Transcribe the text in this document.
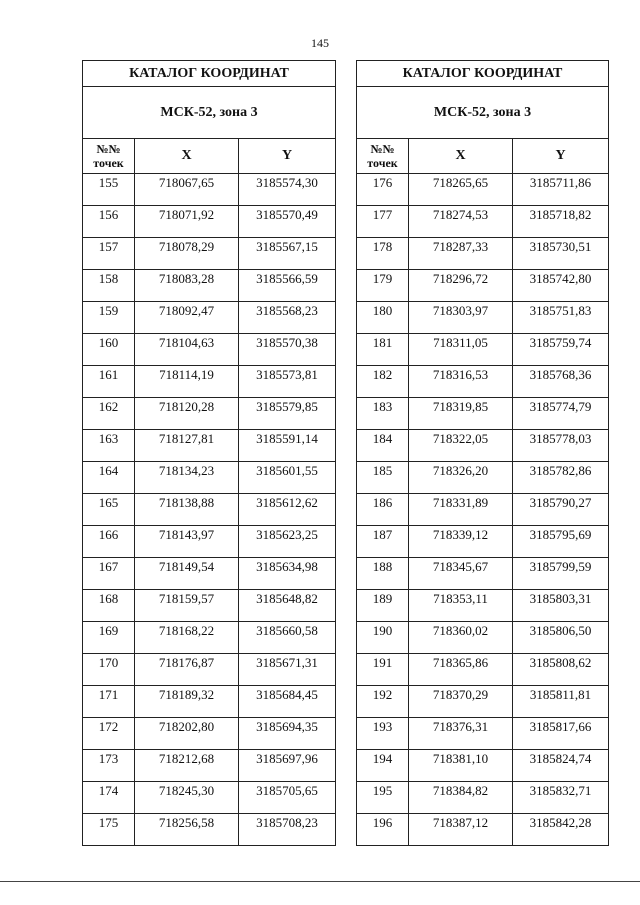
145
КАТАЛОГ КООРДИНАТ		
МСК-52, зона 3		

№№
точек	X	Y
155	718067,65	3185574,30
156	718071,92	3185570,49
157	718078,29	3185567,15
158	718083,28	3185566,59
159	718092,47	3185568,23
160	718104,63	3185570,38
161	718114,19	3185573,81
162	718120,28	3185579,85
163	718127,81	3185591,14
164	718134,23	3185601,55
165	718138,88	3185612,62
166	718143,97	3185623,25
167	718149,54	3185634,98
168	718159,57	3185648,82
169	718168,22	3185660,58
170	718176,87	3185671,31
171	718189,32	3185684,45
172	718202,80	3185694,35
173	718212,68	3185697,96
174	718245,30	3185705,65
175	718256,58	3185708,23
КАТАЛОГ КООРДИНАТ		
МСК-52, зона 3		

№№
точек	X	Y
176	718265,65	3185711,86
177	718274,53	3185718,82
178	718287,33	3185730,51
179	718296,72	3185742,80
180	718303,97	3185751,83
181	718311,05	3185759,74
182	718316,53	3185768,36
183	718319,85	3185774,79
184	718322,05	3185778,03
185	718326,20	3185782,86
186	718331,89	3185790,27
187	718339,12	3185795,69
188	718345,67	3185799,59
189	718353,11	3185803,31
190	718360,02	3185806,50
191	718365,86	3185808,62
192	718370,29	3185811,81
193	718376,31	3185817,66
194	718381,10	3185824,74
195	718384,82	3185832,71
196	718387,12	3185842,28
